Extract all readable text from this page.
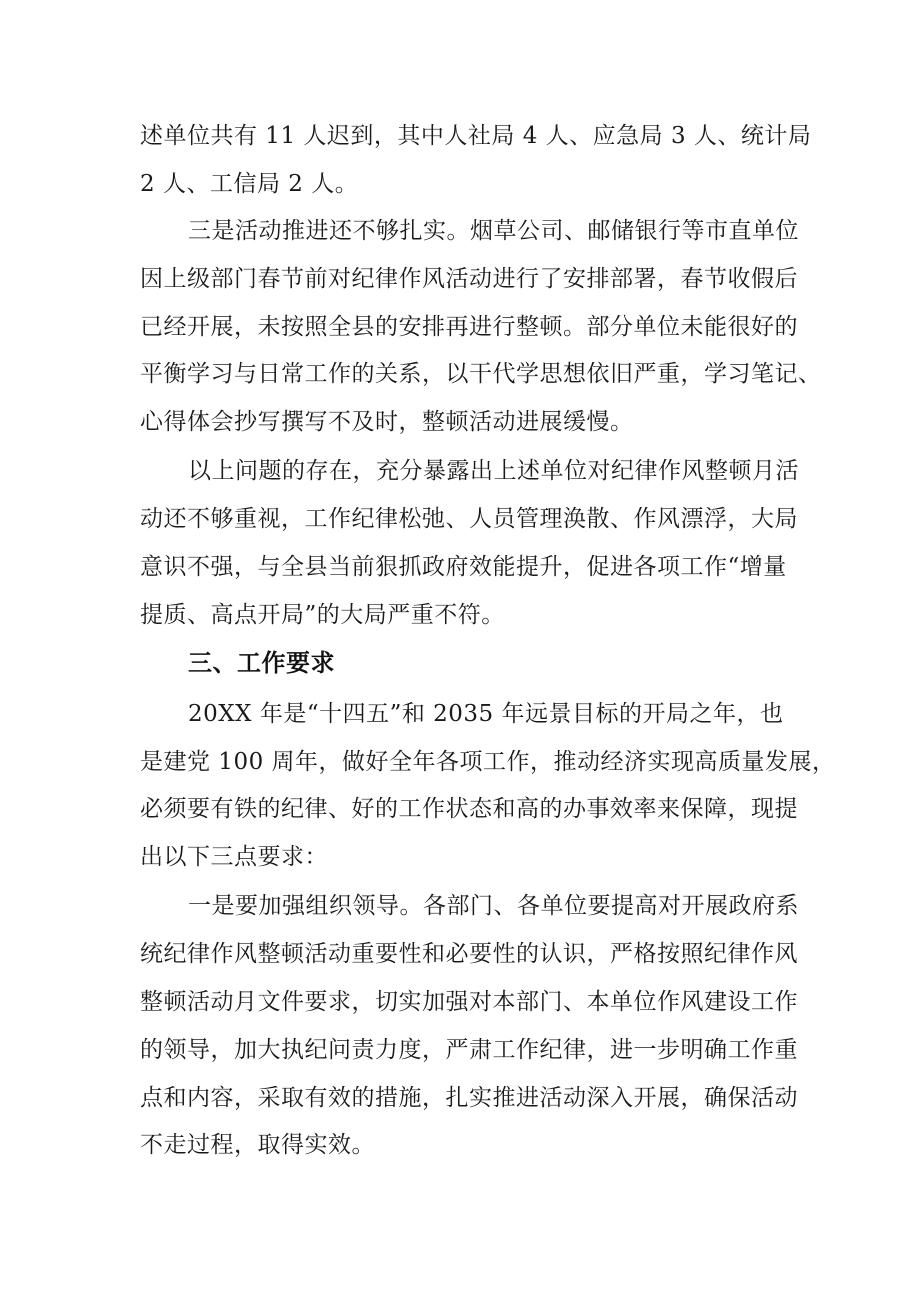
述单位共有 11 人迟到，其中人社局 4 人、应急局 3 人、统计局
2 人、工信局 2 人。
三是活动推进还不够扎实。烟草公司、邮储银行等市直单位
因上级部门春节前对纪律作风活动进行了安排部署，春节收假后
已经开展，未按照全县的安排再进行整顿。部分单位未能很好的
平衡学习与日常工作的关系，以干代学思想依旧严重，学习笔记、
心得体会抄写撰写不及时，整顿活动进展缓慢。
以上问题的存在，充分暴露出上述单位对纪律作风整顿月活
动还不够重视，工作纪律松弛、人员管理涣散、作风漂浮，大局
意识不强，与全县当前狠抓政府效能提升，促进各项工作“增量
提质、高点开局”的大局严重不符。
三、工作要求
20XX 年是“十四五”和 2035 年远景目标的开局之年，也
是建党 100 周年，做好全年各项工作，推动经济实现高质量发展，
必须要有铁的纪律、好的工作状态和高的办事效率来保障，现提
出以下三点要求：
一是要加强组织领导。各部门、各单位要提高对开展政府系
统纪律作风整顿活动重要性和必要性的认识，严格按照纪律作风
整顿活动月文件要求，切实加强对本部门、本单位作风建设工作
的领导，加大执纪问责力度，严肃工作纪律，进一步明确工作重
点和内容，采取有效的措施，扎实推进活动深入开展，确保活动
不走过程，取得实效。
